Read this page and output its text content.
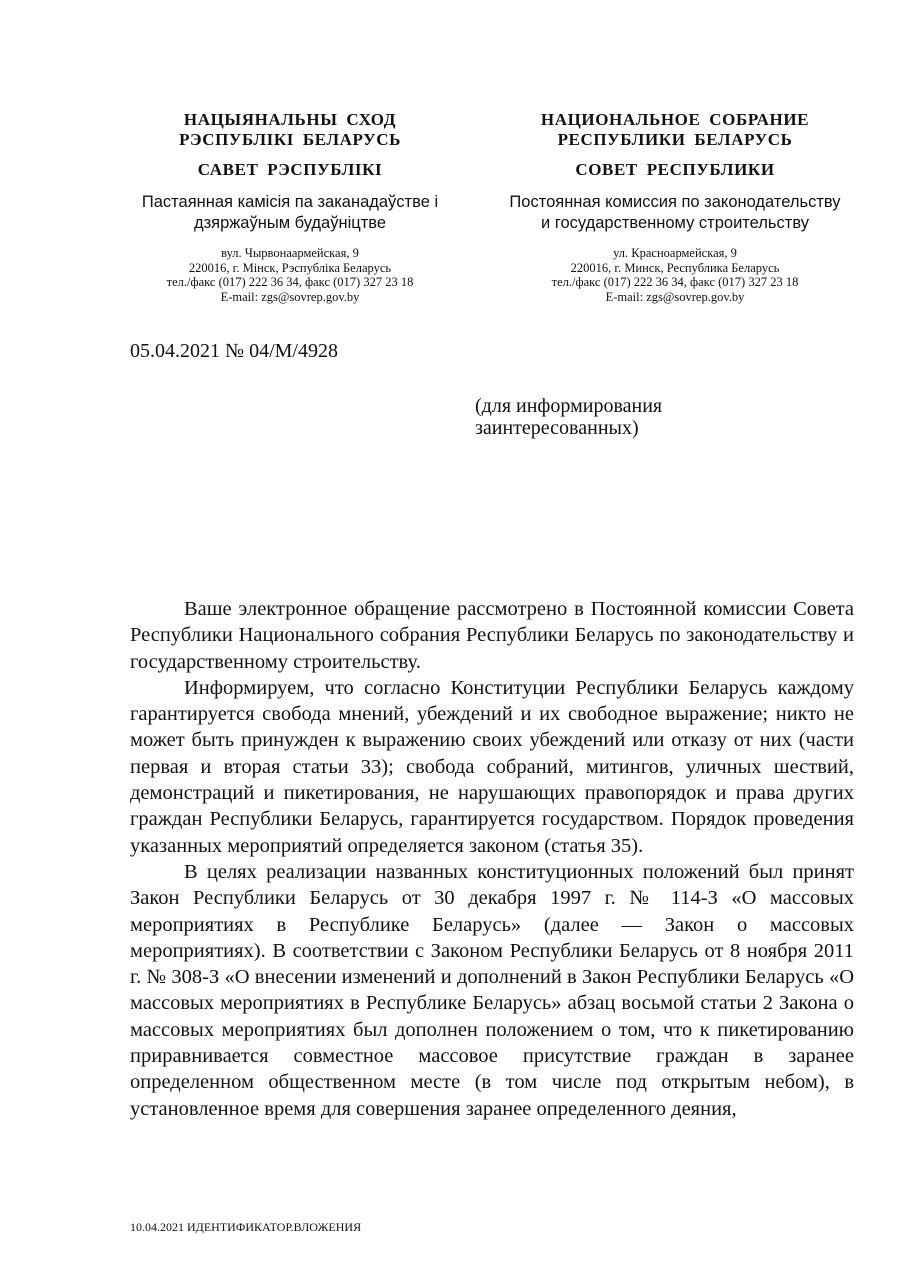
НАЦЫЯНАЛЬНЫ СХОД
РЭСПУБЛІКІ БЕЛАРУСЬ
САВЕТ РЭСПУБЛІКІ
Пастаянная камісія па заканадаўстве і
дзяржаўным будаўніцтве
вул. Чырвонаармейская, 9
220016, г. Мінск, Рэспубліка Беларусь
тел./факс (017) 222 36 34, факс (017) 327 23 18
E-mail: zgs@sovrep.gov.by
НАЦИОНАЛЬНОЕ СОБРАНИЕ
РЕСПУБЛИКИ БЕЛАРУСЬ
СОВЕТ РЕСПУБЛИКИ
Постоянная комиссия по законодательству
и государственному строительству
ул. Красноармейская, 9
220016, г. Минск, Республика Беларусь
тел./факс (017) 222 36 34, факс (017) 327 23 18
E-mail: zgs@sovrep.gov.by
05.04.2021 № 04/М/4928
(для информирования
заинтересованных)

Ваше электронное обращение рассмотрено в Постоянной комиссии Совета Республики Национального собрания Республики Беларусь по законодательству и государственному строительству.

Информируем, что согласно Конституции Республики Беларусь каждому гарантируется свобода мнений, убеждений и их свободное выражение; никто не может быть принужден к выражению своих убеждений или отказу от них (части первая и вторая статьи 33); свобода собраний, митингов, уличных шествий, демонстраций и пикетирования, не нарушающих правопорядок и права других граждан Республики Беларусь, гарантируется государством. Порядок проведения указанных мероприятий определяется законом (статья 35).

В целях реализации названных конституционных положений был принят Закон Республики Беларусь от 30 декабря 1997 г. № 114-З «О массовых мероприятиях в Республике Беларусь» (далее — Закон о массовых мероприятиях). В соответствии с Законом Республики Беларусь от 8 ноября 2011 г. № 308-З «О внесении изменений и дополнений в Закон Республики Беларусь «О массовых мероприятиях в Республике Беларусь» абзац восьмой статьи 2 Закона о массовых мероприятиях был дополнен положением о том, что к пикетированию приравнивается совместное массовое присутствие граждан в заранее определенном общественном месте (в том числе под открытым небом), в установленное время для совершения заранее определенного деяния,

10.04.2021 ИДЕНТИФИКАТОР.ВЛОЖЕНИЯ
